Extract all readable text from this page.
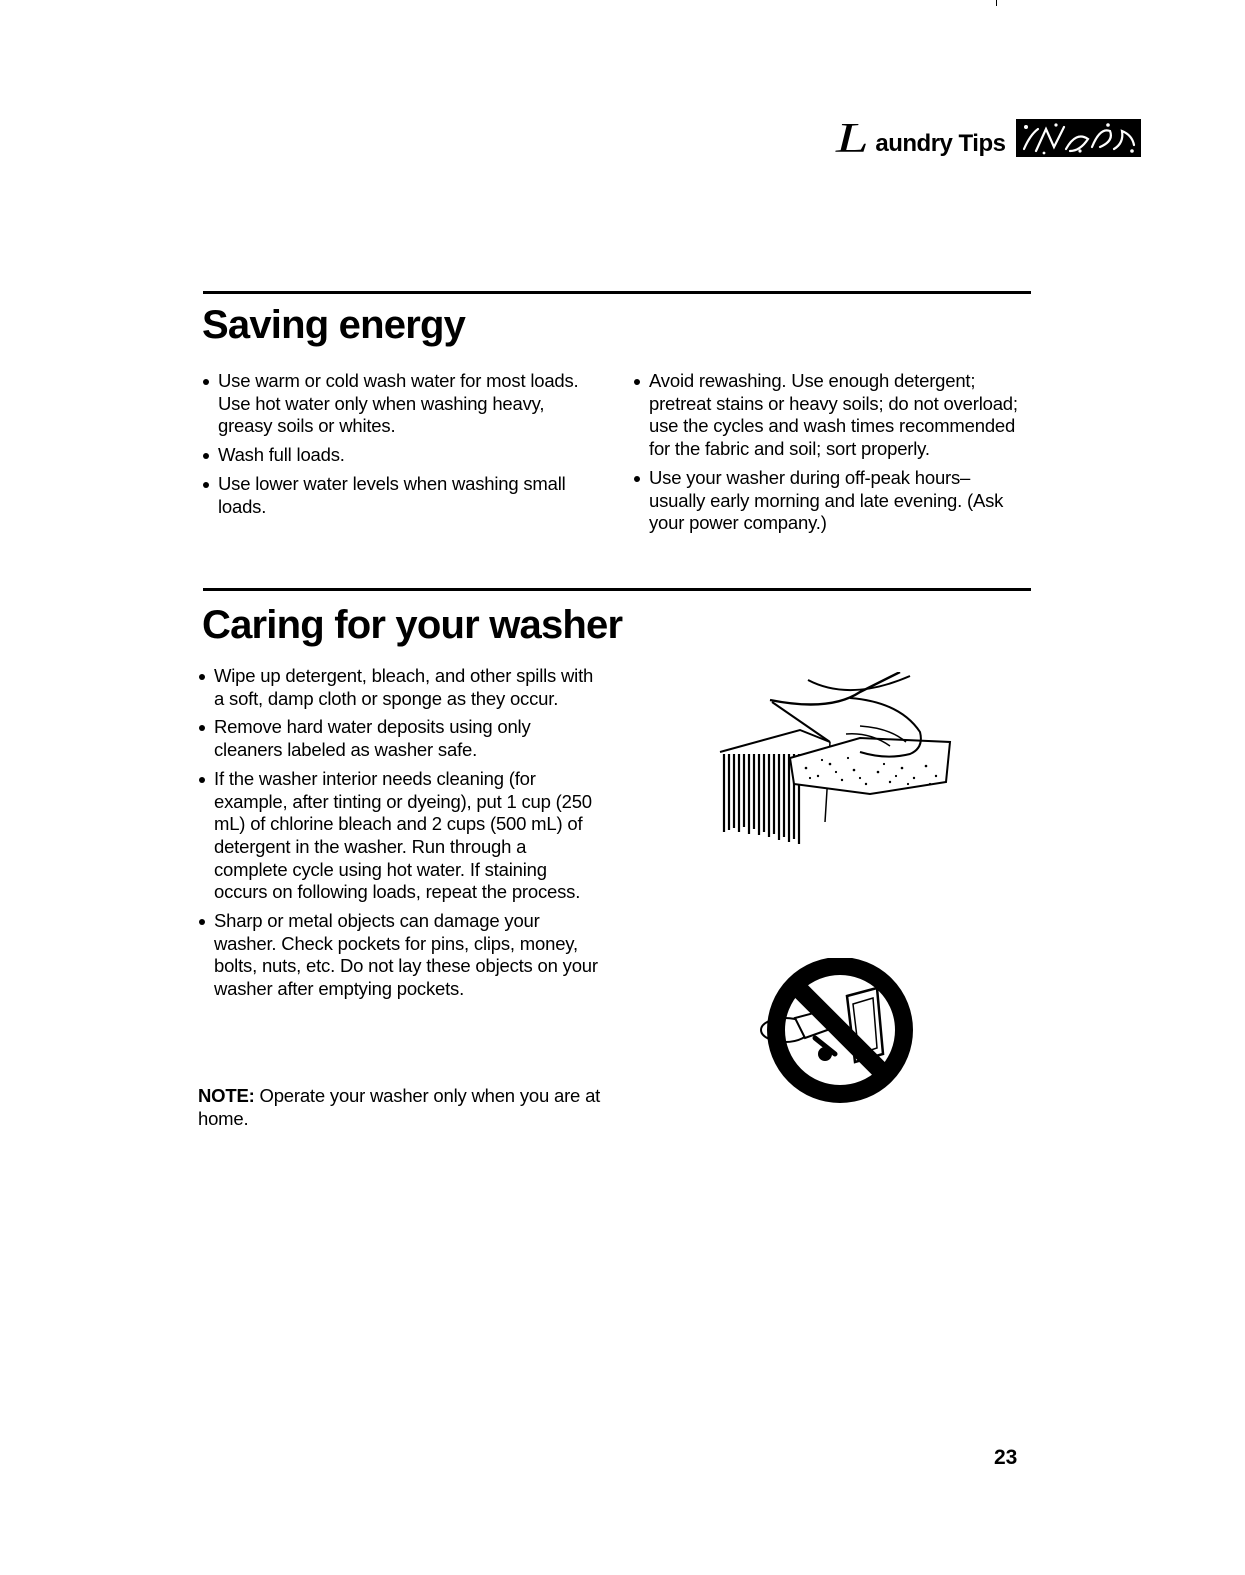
L aundry Tips
Saving energy
Use warm or cold wash water for most loads. Use hot water only when washing heavy, greasy soils or whites.
Wash full loads.
Use lower water levels when washing small loads.
Avoid rewashing. Use enough detergent; pretreat stains or heavy soils; do not overload; use the cycles and wash times recommended for the fabric and soil; sort properly.
Use your washer during off-peak hours– usually early morning and late evening. (Ask your power company.)
Caring for your washer
Wipe up detergent, bleach, and other spills with a soft, damp cloth or sponge as they occur.
Remove hard water deposits using only cleaners labeled as washer safe.
If the washer interior needs cleaning (for example, after tinting or dyeing), put 1 cup (250 mL) of chlorine bleach and 2 cups (500 mL) of detergent in the washer. Run through a complete cycle using hot water. If staining occurs on following loads, repeat the process.
Sharp or metal objects can damage your washer. Check pockets for pins, clips, money, bolts, nuts, etc. Do not lay these objects on your washer after emptying pockets.

NOTE: Operate your washer only when you are at home.

23
